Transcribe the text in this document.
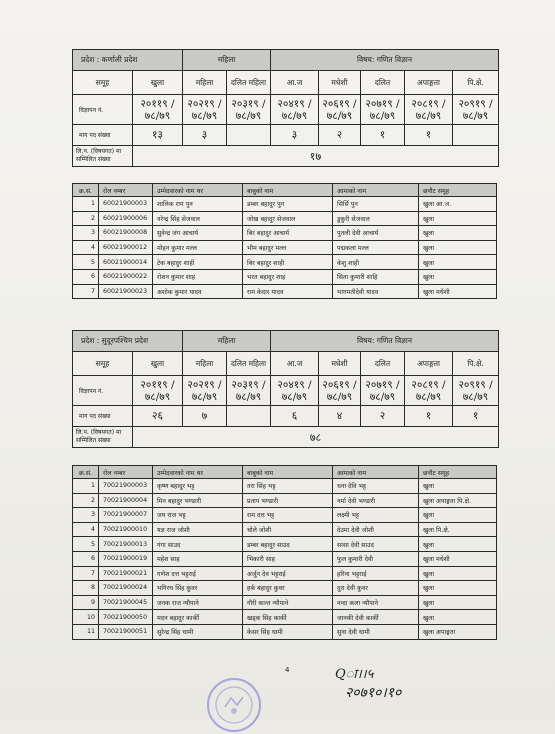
प्रदेश : कर्णाली प्रदेश		महिला		विषय: गणित विज्ञान				
समूह	खुला	महिला	दलित महिला	आ.ज	मधेशी	दलित	अपाङ्गता	पि.क्षे.
विज्ञापन नं.	२०११९ /७८/७९	२०२१९ /७८/७९	२०३१९ /७८/७९	२०४१९ /७८/७९	२०६१९ /७८/७९	२०७१९ /७८/७९	२०८१९ /७८/७९	२०९१९ /७८/७९
माग पद संख्या	१३	३		३	२	१	१	
लि.प. (विषयगत) मा सम्मिलित संख्या	१७							
क्र.सं.	रोल नम्बर	उम्मेदवारको नाम थर	बाबुको नाम	आमाको नाम	छनौट समूह
1	60021900003	शालिक राम पुन	डम्बर बहादुर पुन	सिर्सि पुन	खुला आ.ज.
2	60021900006	नरेन्द्र सिंह सेजवाल	जोख बहादुर सेजवाल	डुकुरी सेजवाल	खुला
3	60021900008	सुवेन्द्र जंग आचार्य	बिर बहादुर आचार्य	पुतली देवी आचार्य	खुला
4	60021900012	मोहन कुमार मल्ल	भीम बहादुर मल्ल	पद्मकला मल्ल	खुला
5	60021900014	टेक बहादुर शाही	बिर बहादुर शाही	केशु शाही	खुला
6	60021900022	रोशन कुमार शाह	भरत बहादुर शाह	सिता कुमारी शाहि	खुला
7	60021900023	अशोक कुमार यादव	राम केदार यादव	भागमतीदेवी यादव	खुला मधेशी
प्रदेश : सुदूरपश्चिम प्रदेश		महिला		विषय: गणित विज्ञान				
समूह	खुला	महिला	दलित महिला	आ.ज	मधेशी	दलित	अपाङ्गता	पि.क्षे.
विज्ञापन नं.	२०११९ /७८/७९	२०२१९ /७८/७९	२०३१९ /७८/७९	२०४१९ /७८/७९	२०६१९ /७८/७९	२०७१९ /७८/७९	२०८१९ /७८/७९	२०९१९ /७८/७९
माग पद संख्या	२६	७		६	४	२	१	१
लि.प. (विषयगत) मा सम्मिलित संख्या	७८							
क्र.सं.	रोल नम्बर	उम्मेदवारको नाम थर	बाबुको नाम	आमाको नाम	छनौट समूह
1	70021900003	कृष्ण बहादुर भट्ट	तरा सिंह भट्ट	धना देवि भट्ट	खुला
2	70021900004	मिन बहादुर भण्डारी	प्रताप भण्डारी	नर्मा देवी भण्डारी	खुला अपाङ्गता पि.क्षे.
3	70021900007	जय राज भट्ट	राम दत्त भट्ट	लक्ष्मी भट्ट	खुला
4	70021900010	यज्ञ राज जोशी	चोले जोशी	देउमा देवी जोशी	खुला पि.क्षे.
5	70021900013	गंगा साउद	डम्बर बहादुर साउद	सासा देवी साउद	खुला
6	70021900019	महेश साह	भिकारी साह	फुल कुमारी देवी	खुला मधेशी
7	70021900021	गणेश दत्त भट्टराई	अर्जुन देव भट्टराई	हरिना भट्टराई	खुला
8	70021900024	भगिरथ सिंह कुवर	हर्क बहादुर कुवर	दुरा देवी कुवर	खुला
9	70021900045	जनक राज न्यौपाने	गौरी कान्त न्यौपाने	नन्दा कला न्यौपाने	खुला
10	70021900050	मदन बहादुर कार्की	खड्क सिंह कार्की	जानकी देवी कार्की	खुला
11	70021900051	सुरेन्द्र सिंह धामी	केसर सिंह धामी	सुना देवी धामी	खुला अपाङ्गता
4	Qा।।५
२०७१०।१०
